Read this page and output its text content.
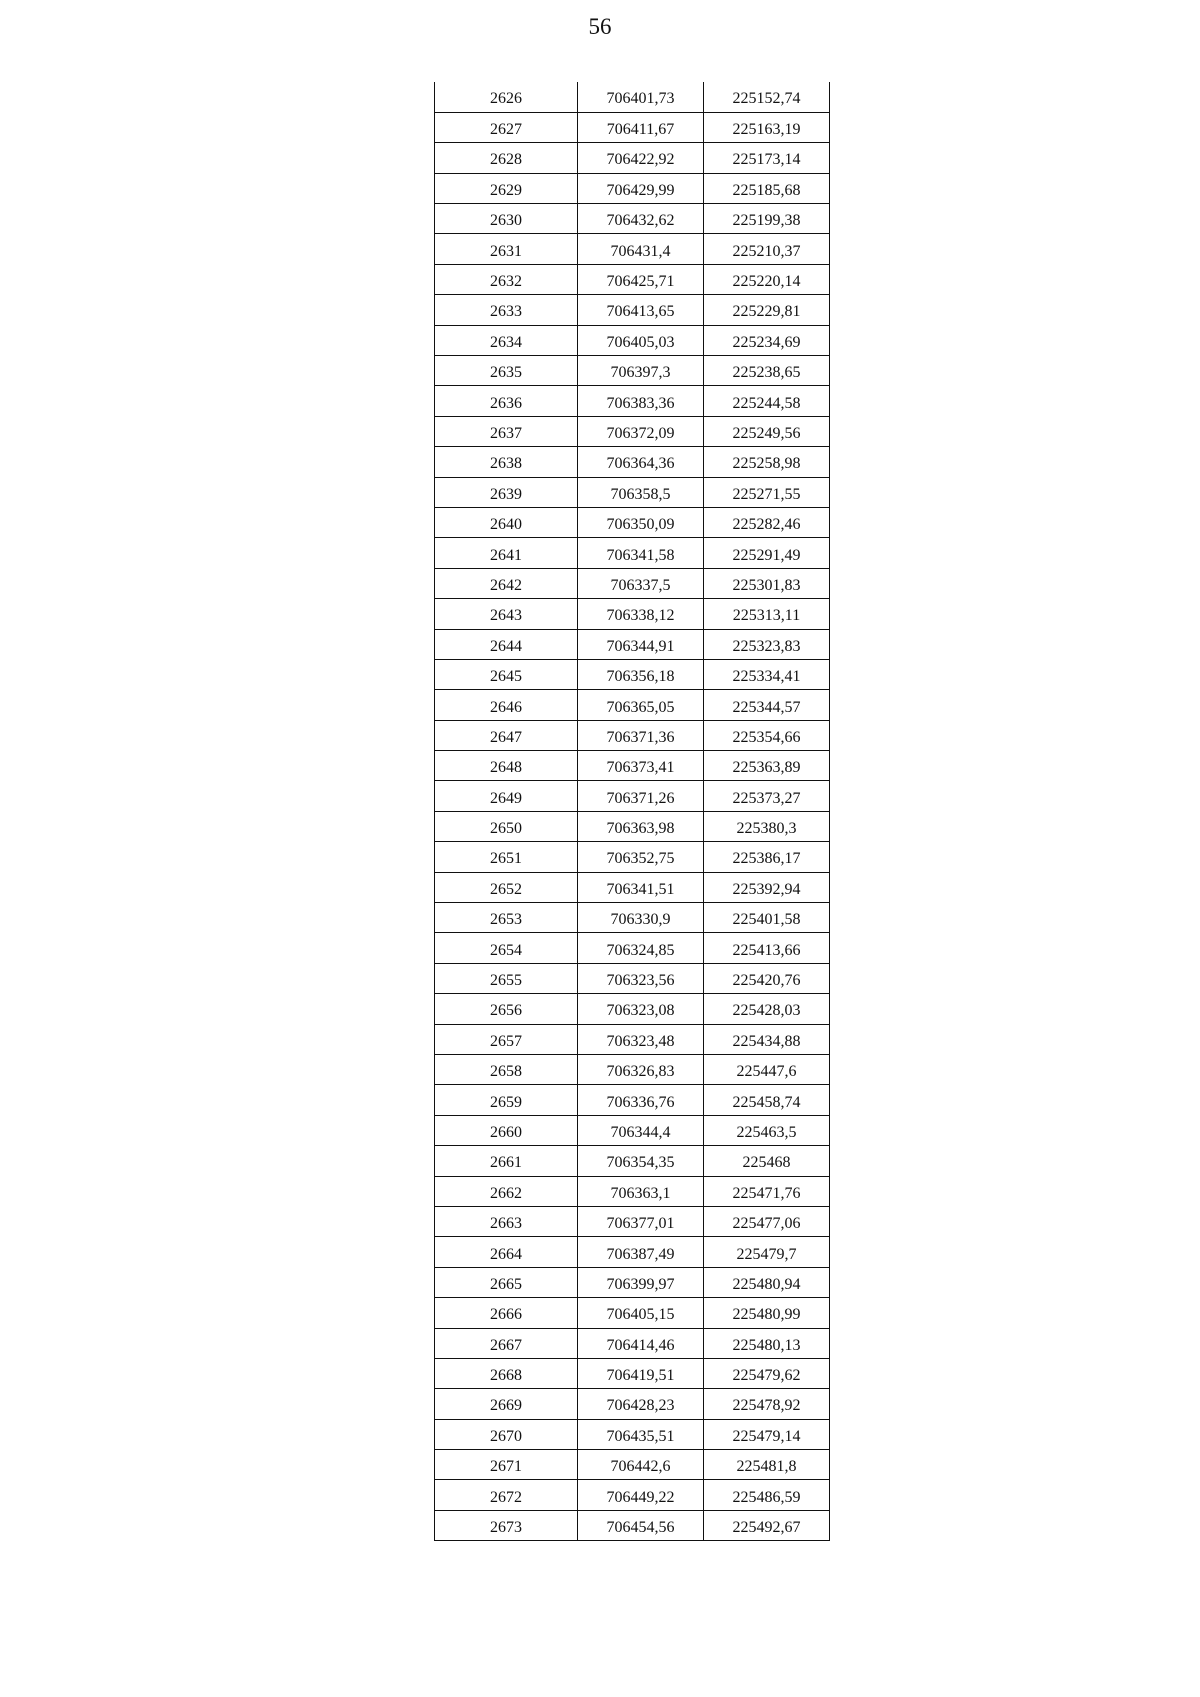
56
2626	706401,73	225152,74
2627	706411,67	225163,19
2628	706422,92	225173,14
2629	706429,99	225185,68
2630	706432,62	225199,38
2631	706431,4	225210,37
2632	706425,71	225220,14
2633	706413,65	225229,81
2634	706405,03	225234,69
2635	706397,3	225238,65
2636	706383,36	225244,58
2637	706372,09	225249,56
2638	706364,36	225258,98
2639	706358,5	225271,55
2640	706350,09	225282,46
2641	706341,58	225291,49
2642	706337,5	225301,83
2643	706338,12	225313,11
2644	706344,91	225323,83
2645	706356,18	225334,41
2646	706365,05	225344,57
2647	706371,36	225354,66
2648	706373,41	225363,89
2649	706371,26	225373,27
2650	706363,98	225380,3
2651	706352,75	225386,17
2652	706341,51	225392,94
2653	706330,9	225401,58
2654	706324,85	225413,66
2655	706323,56	225420,76
2656	706323,08	225428,03
2657	706323,48	225434,88
2658	706326,83	225447,6
2659	706336,76	225458,74
2660	706344,4	225463,5
2661	706354,35	225468
2662	706363,1	225471,76
2663	706377,01	225477,06
2664	706387,49	225479,7
2665	706399,97	225480,94
2666	706405,15	225480,99
2667	706414,46	225480,13
2668	706419,51	225479,62
2669	706428,23	225478,92
2670	706435,51	225479,14
2671	706442,6	225481,8
2672	706449,22	225486,59
2673	706454,56	225492,67
